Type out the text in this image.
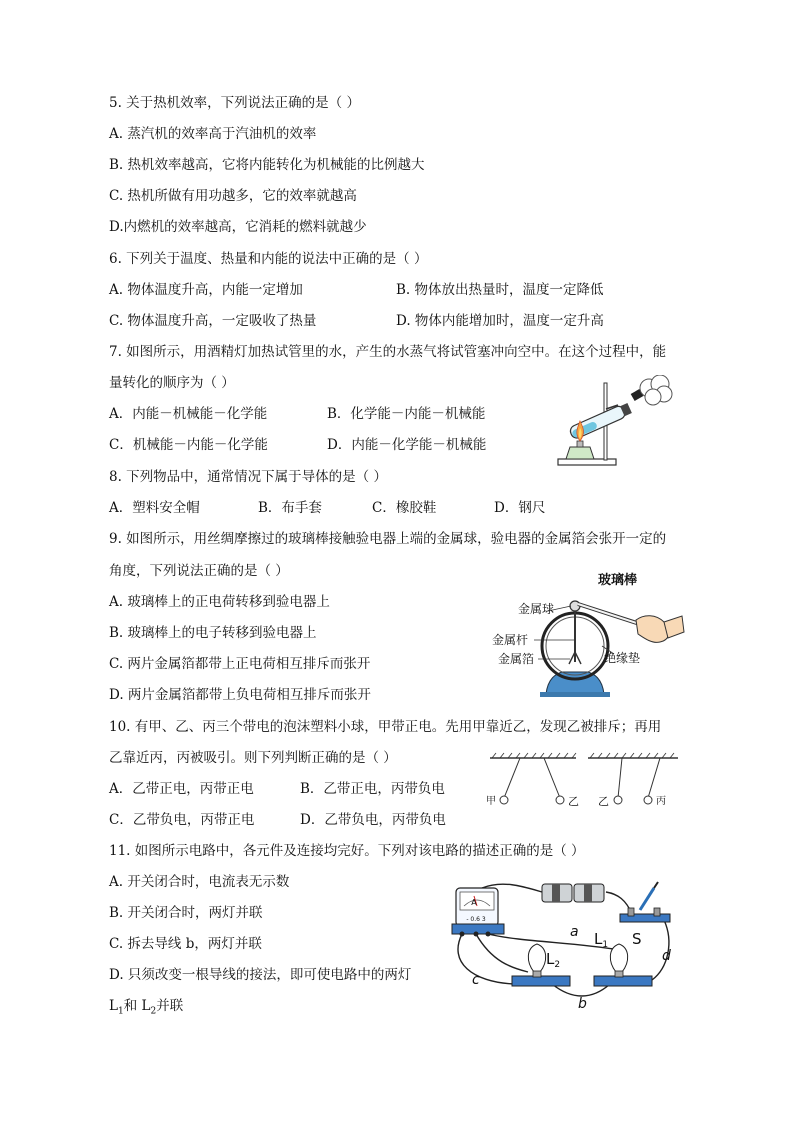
5. 关于热机效率，下列说法正确的是（ ）
A. 蒸汽机的效率高于汽油机的效率
B. 热机效率越高，它将内能转化为机械能的比例越大
C. 热机所做有用功越多，它的效率就越高
D.内燃机的效率越高，它消耗的燃料就越少
6. 下列关于温度、热量和内能的说法中正确的是（ ）
A. 物体温度升高，内能一定增加	B. 物体放出热量时，温度一定降低
C. 物体温度升高，一定吸收了热量	D. 物体内能增加时，温度一定升高
7. 如图所示，用酒精灯加热试管里的水，产生的水蒸气将试管塞冲向空中。在这个过程中，能
量转化的顺序为（ ）
A．内能－机械能－化学能	B．化学能－内能－机械能
C．机械能－内能－化学能	D．内能－化学能－机械能
8. 下列物品中，通常情况下属于导体的是（ ）
A．塑料安全帽	B．布手套	C．橡胶鞋	D．钢尺
9. 如图所示，用丝绸摩擦过的玻璃棒接触验电器上端的金属球，验电器的金属箔会张开一定的
角度，下列说法正确的是（ ）
A. 玻璃棒上的正电荷转移到验电器上
B. 玻璃棒上的电子转移到验电器上
C. 两片金属箔都带上正电荷相互排斥而张开
D. 两片金属箔都带上负电荷相互排斥而张开
玻璃棒
金属球
金属杆
金属箔	绝缘垫
10. 有甲、乙、丙三个带电的泡沫塑料小球，甲带正电。先用甲靠近乙，发现乙被排斥；再用
乙靠近丙，丙被吸引。则下列判断正确的是（ ）
A．乙带正电，丙带正电	B．乙带正电，丙带负电
C．乙带负电，丙带正电	D．乙带负电，丙带负电
甲	乙 乙	丙
11. 如图所示电路中，各元件及连接均完好。下列对该电路的描述正确的是（ ）
A. 开关闭合时，电流表无示数
B. 开关闭合时，两灯并联
C. 拆去导线 b，两灯并联
D. 只须改变一根导线的接法，即可使电路中的两灯
$L_1$和 $L_2$并联
A
- 0.6 3
a
b
c
d
S
$L_1$
$L_2$
